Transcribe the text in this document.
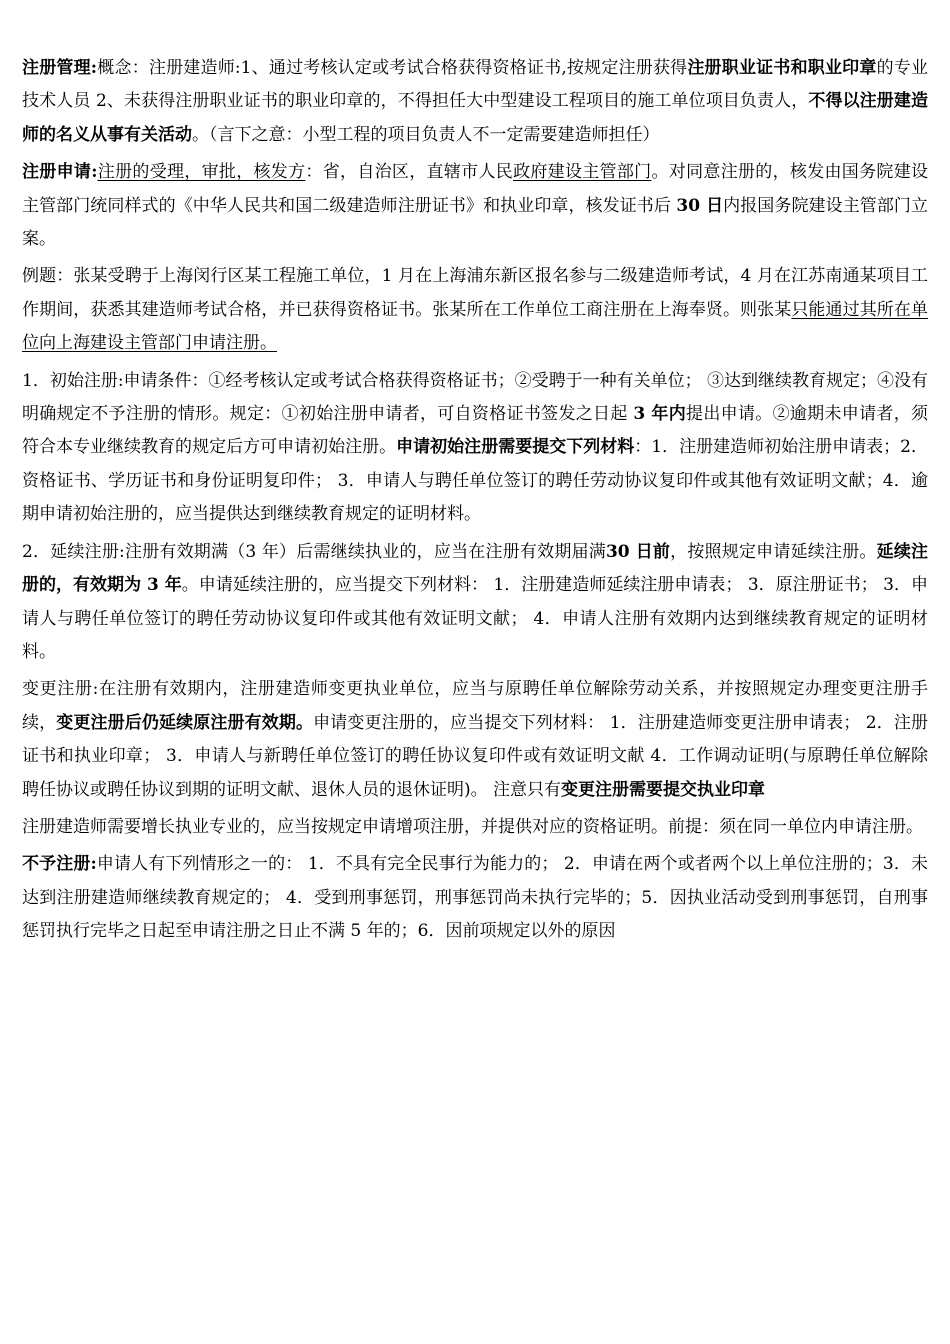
注册管理:概念：注册建造师:1、通过考核认定或考试合格获得资格证书,按规定注册获得注册职业证书和职业印章的专业技术人员 2、未获得注册职业证书的职业印章的，不得担任大中型建设工程项目的施工单位项目负责人，不得以注册建造师的名义从事有关活动。（言下之意：小型工程的项目负责人不一定需要建造师担任）

注册申请:注册的受理，审批，核发方：省，自治区，直辖市人民政府建设主管部门。对同意注册的，核发由国务院建设主管部门统同样式的《中华人民共和国二级建造师注册证书》和执业印章，核发证书后 30 日内报国务院建设主管部门立案。

例题：张某受聘于上海闵行区某工程施工单位，1 月在上海浦东新区报名参与二级建造师考试，4 月在江苏南通某项目工作期间，获悉其建造师考试合格，并已获得资格证书。张某所在工作单位工商注册在上海奉贤。则张某只能通过其所在单位向上海建设主管部门申请注册。

1．初始注册:申请条件：①经考核认定或考试合格获得资格证书；②受聘于一种有关单位； ③达到继续教育规定；④没有明确规定不予注册的情形。规定：①初始注册申请者，可自资格证书签发之日起 3 年内提出申请。②逾期未申请者，须符合本专业继续教育的规定后方可申请初始注册。申请初始注册需要提交下列材料：1．注册建造师初始注册申请表；2．资格证书、学历证书和身份证明复印件； 3．申请人与聘任单位签订的聘任劳动协议复印件或其他有效证明文献；4．逾期申请初始注册的，应当提供达到继续教育规定的证明材料。

2．延续注册:注册有效期满（3 年）后需继续执业的，应当在注册有效期届满30 日前，按照规定申请延续注册。延续注册的，有效期为 3 年。申请延续注册的，应当提交下列材料： 1．注册建造师延续注册申请表； 3．原注册证书； 3．申请人与聘任单位签订的聘任劳动协议复印件或其他有效证明文献； 4．申请人注册有效期内达到继续教育规定的证明材料。

变更注册:在注册有效期内，注册建造师变更执业单位，应当与原聘任单位解除劳动关系，并按照规定办理变更注册手续，变更注册后仍延续原注册有效期。申请变更注册的，应当提交下列材料： 1．注册建造师变更注册申请表； 2．注册证书和执业印章； 3．申请人与新聘任单位签订的聘任协议复印件或有效证明文献 4．工作调动证明(与原聘任单位解除聘任协议或聘任协议到期的证明文献、退休人员的退休证明)。 注意只有变更注册需要提交执业印章

注册建造师需要增长执业专业的，应当按规定申请增项注册，并提供对应的资格证明。前提：须在同一单位内申请注册。

不予注册:申请人有下列情形之一的： 1．不具有完全民事行为能力的； 2．申请在两个或者两个以上单位注册的；3．未达到注册建造师继续教育规定的； 4．受到刑事惩罚，刑事惩罚尚未执行完毕的；5．因执业活动受到刑事惩罚，自刑事惩罚执行完毕之日起至申请注册之日止不满 5 年的；6．因前项规定以外的原因
